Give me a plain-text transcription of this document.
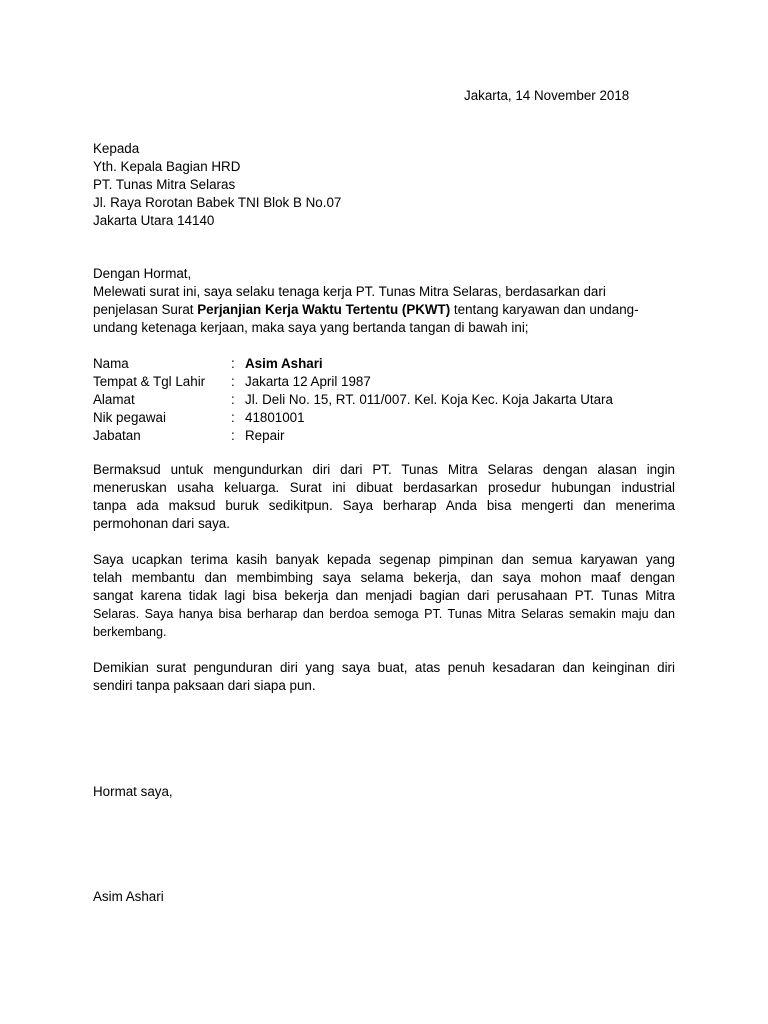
Jakarta, 14 November 2018
Kepada
Yth. Kepala Bagian HRD
PT. Tunas Mitra Selaras
Jl. Raya Rorotan Babek TNI Blok B No.07
Jakarta Utara 14140
Dengan Hormat,
Melewati surat ini, saya selaku tenaga kerja PT. Tunas Mitra Selaras, berdasarkan dari
penjelasan Surat Perjanjian Kerja Waktu Tertentu (PKWT) tentang karyawan dan undang-
undang ketenaga kerjaan, maka saya yang bertanda tangan di bawah ini;
Nama	: Asim Ashari
Tempat & Tgl Lahir	: Jakarta 12 April 1987
Alamat	: Jl. Deli No. 15, RT. 011/007. Kel. Koja Kec. Koja Jakarta Utara
Nik pegawai	: 41801001
Jabatan	: Repair
Bermaksud untuk mengundurkan diri dari PT. Tunas Mitra Selaras dengan alasan ingin
meneruskan usaha keluarga. Surat ini dibuat berdasarkan prosedur hubungan industrial
tanpa ada maksud buruk sedikitpun. Saya berharap Anda bisa mengerti dan menerima
permohonan dari saya.
Saya ucapkan terima kasih banyak kepada segenap pimpinan dan semua karyawan yang
telah membantu dan membimbing saya selama bekerja, dan saya mohon maaf dengan
sangat karena tidak lagi bisa bekerja dan menjadi bagian dari perusahaan PT. Tunas Mitra
Selaras. Saya hanya bisa berharap dan berdoa semoga PT. Tunas Mitra Selaras semakin maju dan
berkembang.
Demikian surat pengunduran diri yang saya buat, atas penuh kesadaran dan keinginan diri
sendiri tanpa paksaan dari siapa pun.
Hormat saya,
Asim Ashari
